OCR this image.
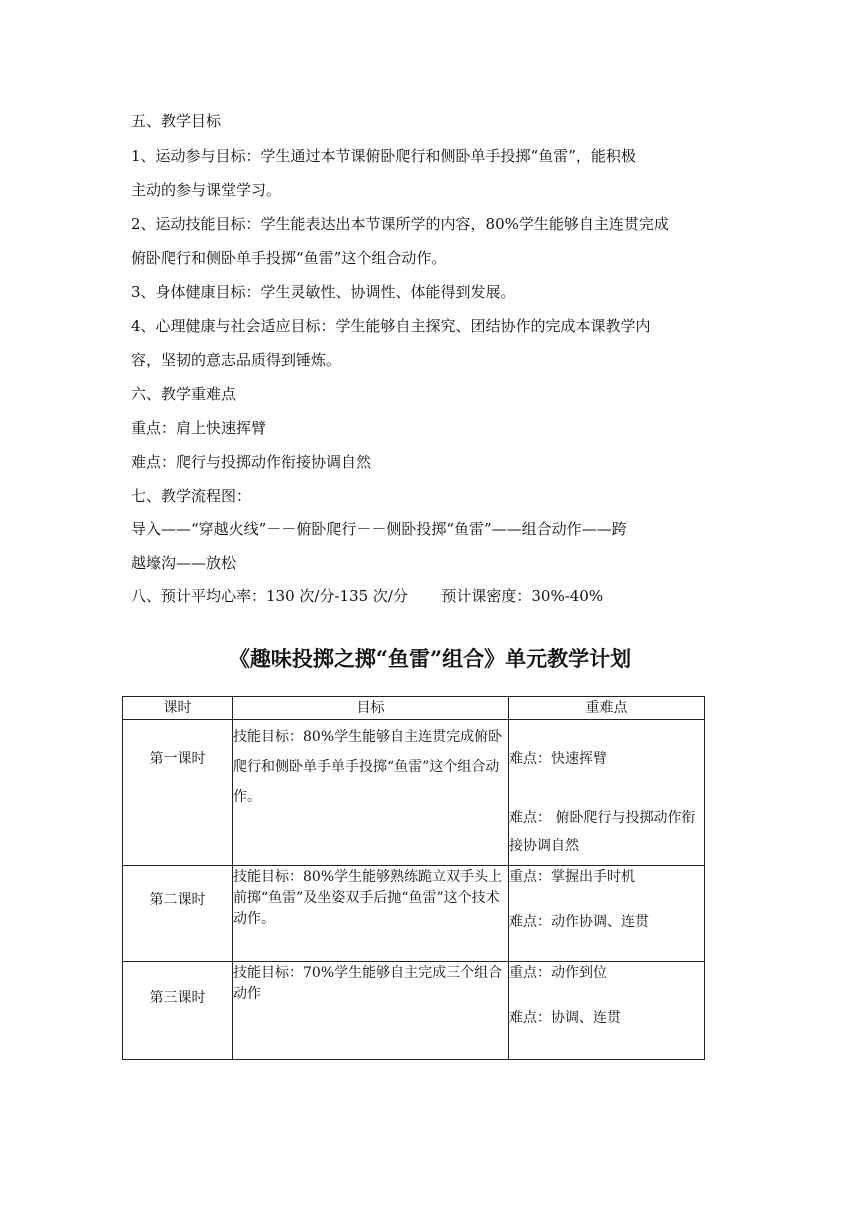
五、教学目标
1、运动参与目标：学生通过本节课俯卧爬行和侧卧单手投掷“鱼雷”，能积极
主动的参与课堂学习。
2、运动技能目标：学生能表达出本节课所学的内容，80%学生能够自主连贯完成
俯卧爬行和侧卧单手投掷“鱼雷”这个组合动作。
3、身体健康目标：学生灵敏性、协调性、体能得到发展。
4、心理健康与社会适应目标：学生能够自主探究、团结协作的完成本课教学内
容，坚韧的意志品质得到锤炼。
六、教学重难点
重点：肩上快速挥臂
难点：爬行与投掷动作衔接协调自然
七、教学流程图：
导入——“穿越火线”－－俯卧爬行－－侧卧投掷“鱼雷”——组合动作——跨
越壕沟——放松
八、预计平均心率：130 次/分-135 次/分       预计课密度：30%-40%
《趣味投掷之掷“鱼雷”组合》单元教学计划
课时	目标	重难点

第一课时	技能目标：80%学生能够自主连贯完成俯卧爬行和侧卧单手单手投掷“鱼雷”这个组合动作。	难点：快速挥臂
难点： 俯卧爬行与投掷动作衔接协调自然

第二课时	技能目标：80%学生能够熟练跪立双手头上前掷“鱼雷”及坐姿双手后抛“鱼雷”这个技术动作。	重点：掌握出手时机
难点：动作协调、连贯

第三课时	技能目标：70%学生能够自主完成三个组合动作	重点：动作到位
难点：协调、连贯
